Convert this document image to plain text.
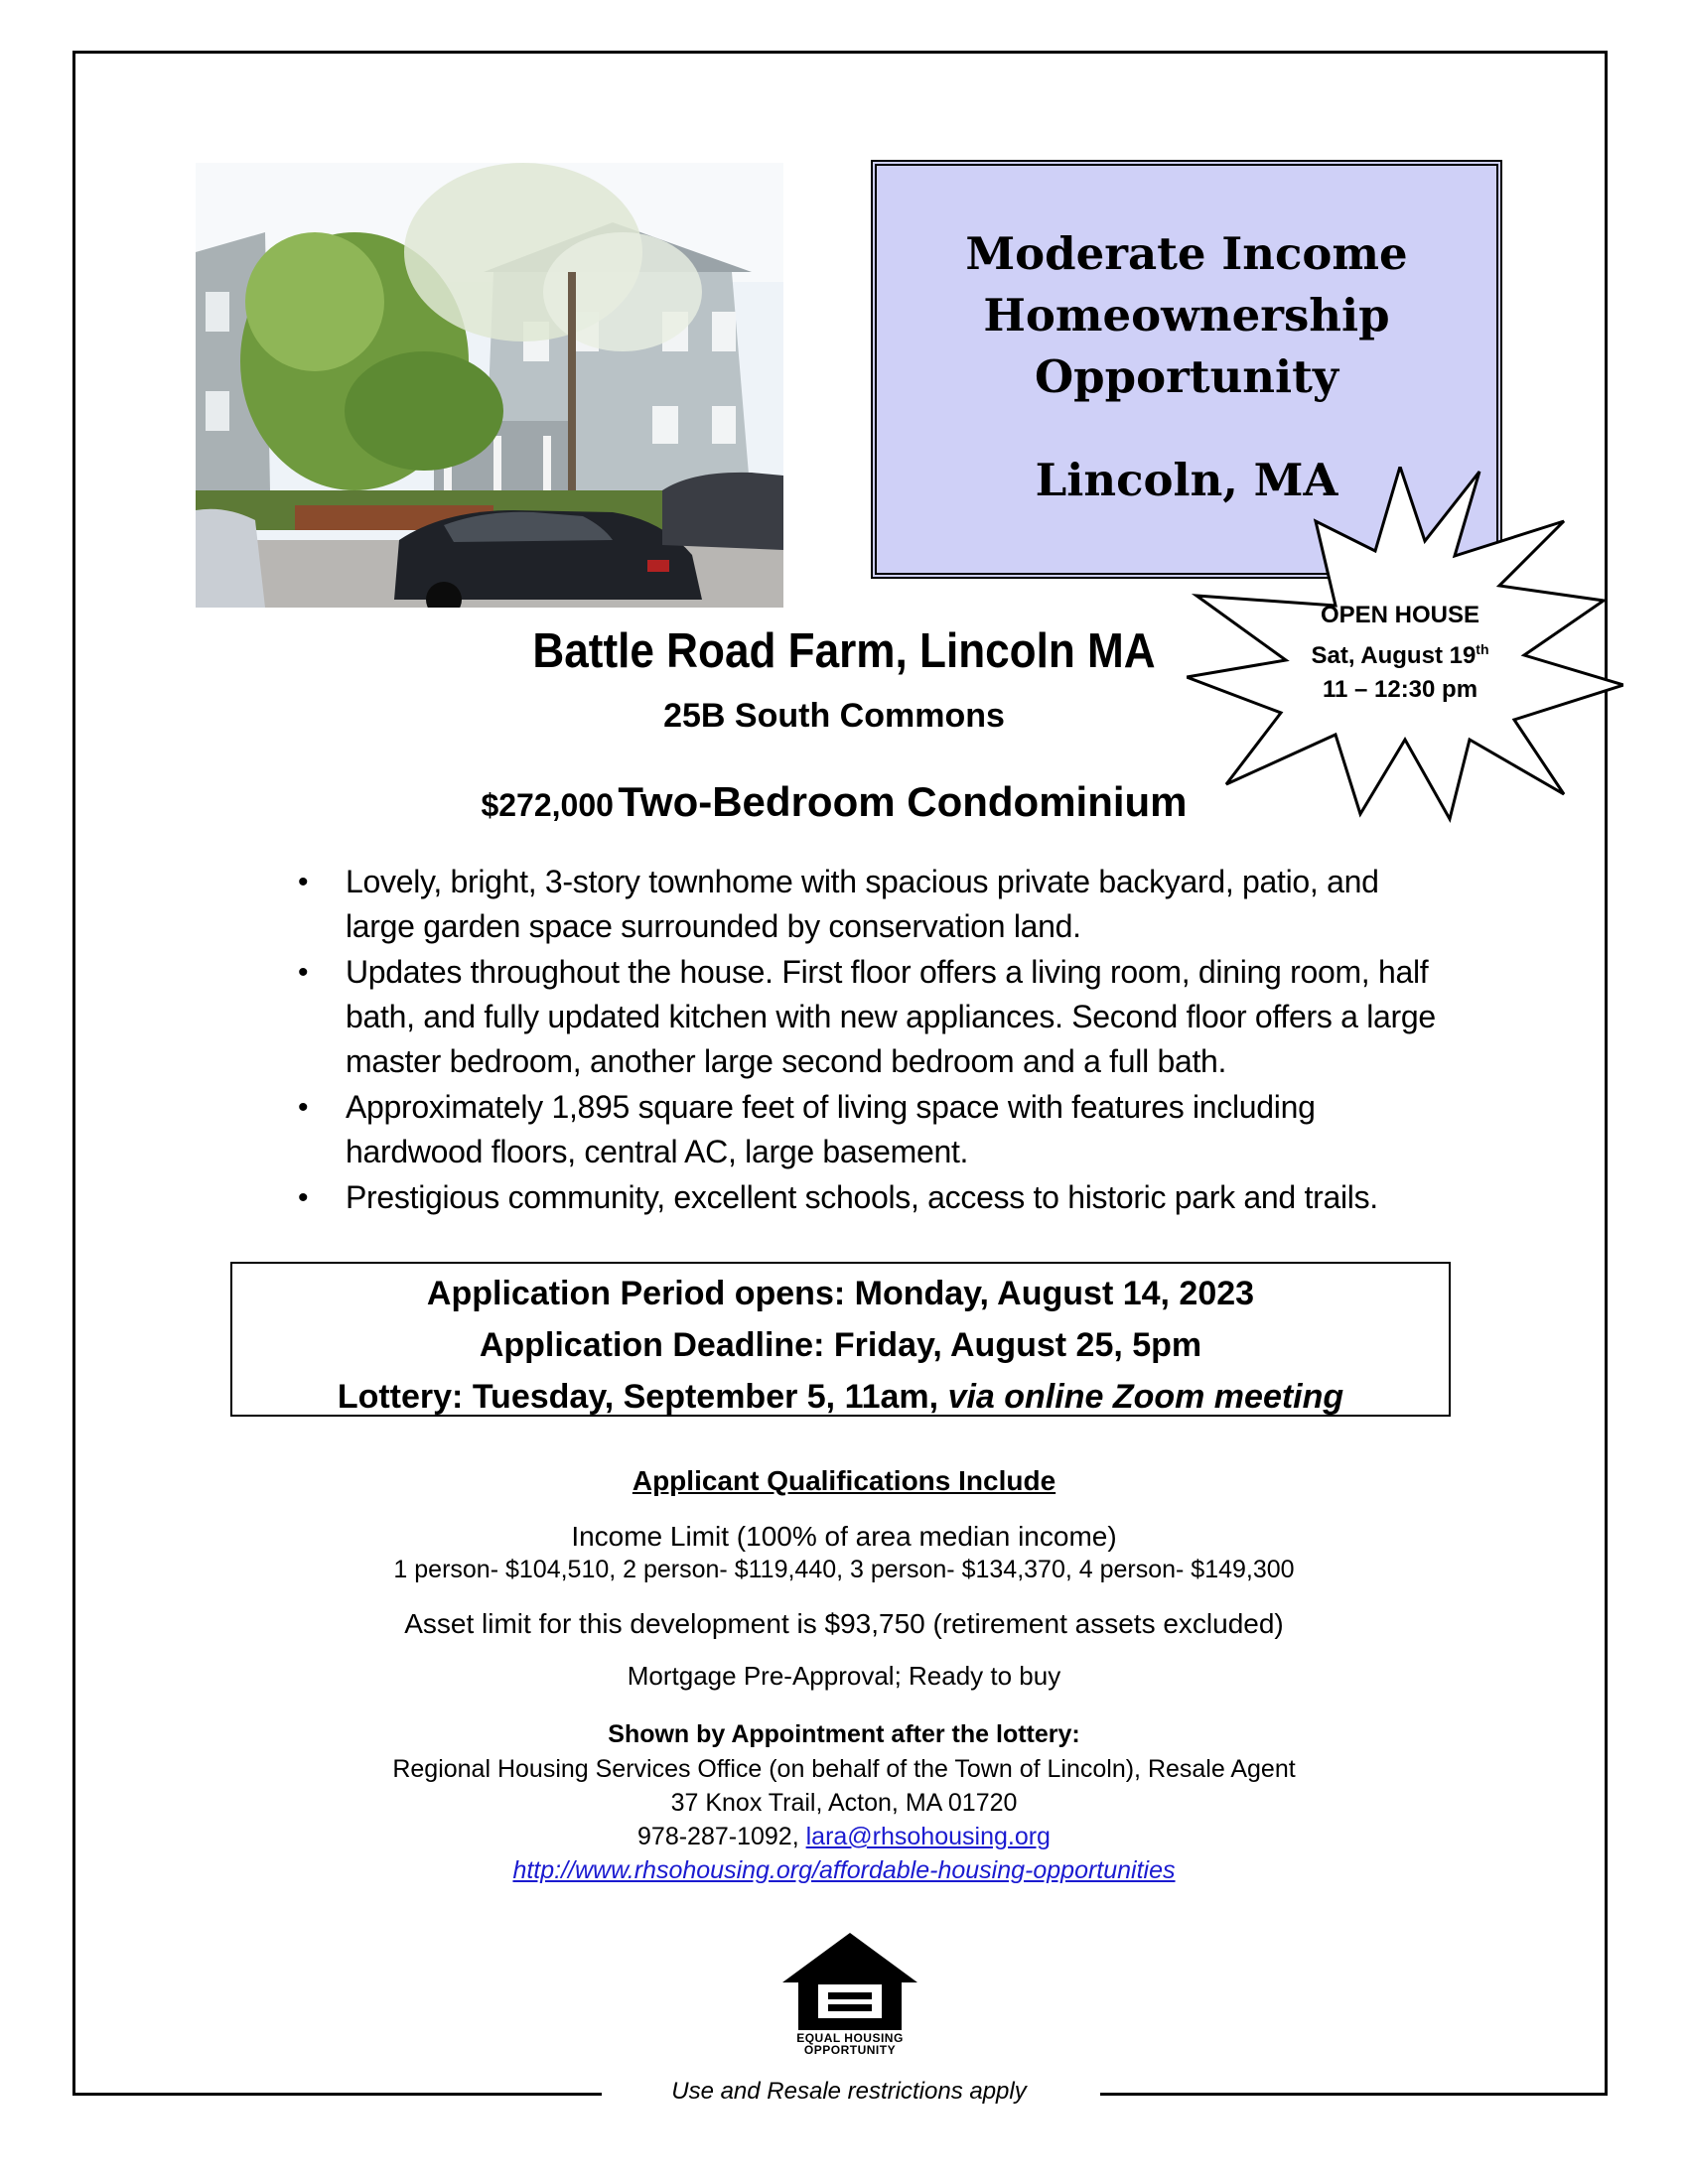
Moderate Income
Homeownership
Opportunity
Lincoln, MA
OPEN HOUSE
Sat, August 19th
11 – 12:30 pm
Battle Road Farm, Lincoln MA
25B South Commons
$272,000 Two-Bedroom Condominium
• Lovely, bright, 3-story townhome with spacious private backyard, patio, and large garden space surrounded by conservation land.
• Updates throughout the house. First floor offers a living room, dining room, half bath, and fully updated kitchen with new appliances. Second floor offers a large master bedroom, another large second bedroom and a full bath.
• Approximately 1,895 square feet of living space with features including hardwood floors, central AC, large basement.
• Prestigious community, excellent schools, access to historic park and trails.
Application Period opens: Monday, August 14, 2023
Application Deadline: Friday, August 25, 5pm
Lottery: Tuesday, September 5, 11am, via online Zoom meeting
Applicant Qualifications Include
Income Limit (100% of area median income)
1 person- $104,510, 2 person- $119,440, 3 person- $134,370, 4 person- $149,300
Asset limit for this development is $93,750 (retirement assets excluded)
Mortgage Pre-Approval; Ready to buy
Shown by Appointment after the lottery:
Regional Housing Services Office (on behalf of the Town of Lincoln), Resale Agent
37 Knox Trail, Acton, MA 01720
978-287-1092, lara@rhsohousing.org
http://www.rhsohousing.org/affordable-housing-opportunities
EQUAL HOUSING
OPPORTUNITY
Use and Resale restrictions apply
